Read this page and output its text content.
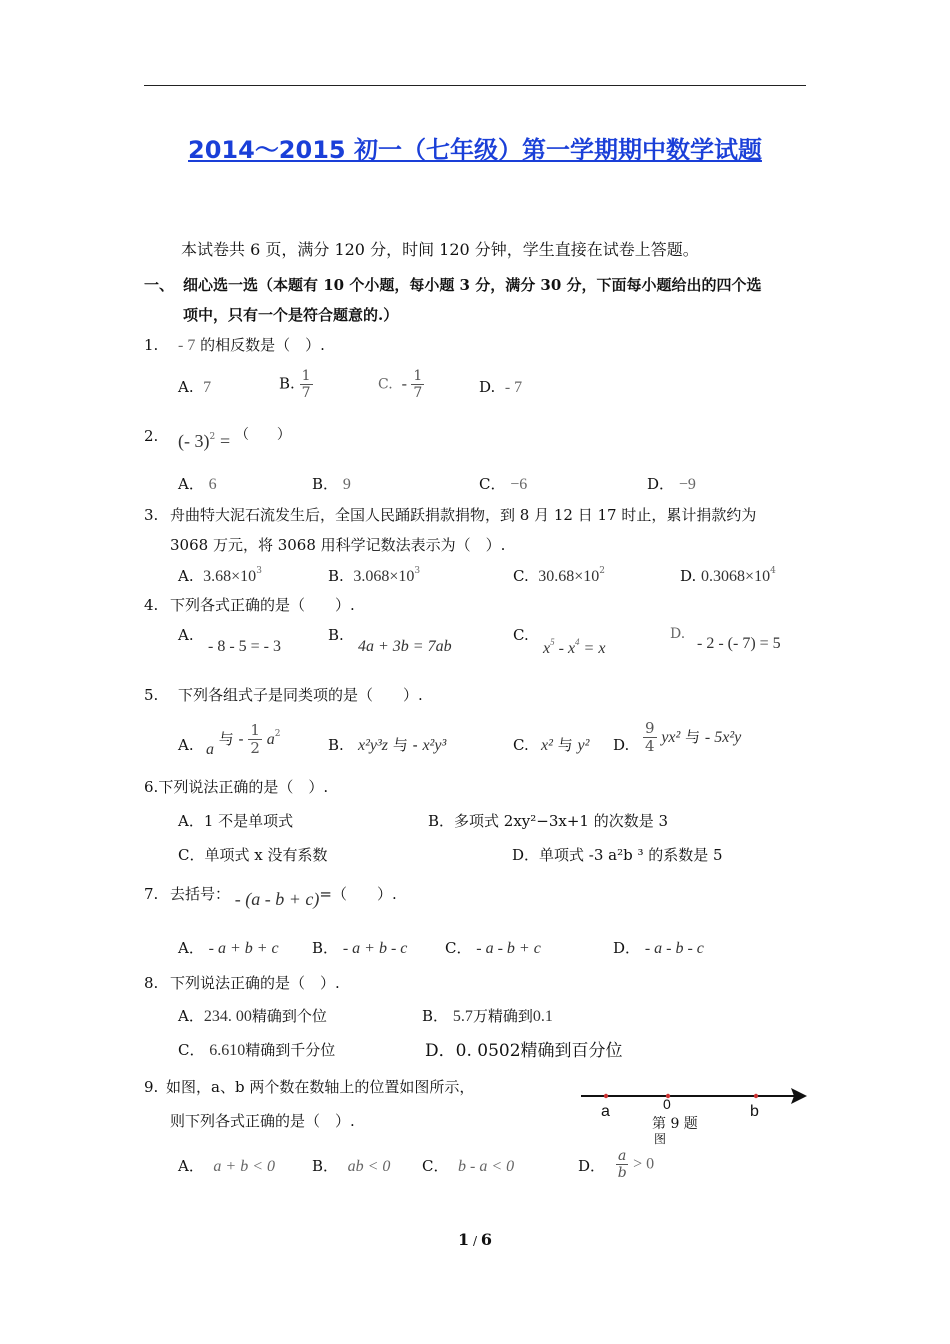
2014～2015 初一（七年级）第一学期期中数学试题
本试卷共 6 页，满分 120 分，时间 120 分钟，学生直接在试卷上答题。
一、 细心选一选（本题有 10 个小题，每小题 3 分，满分 30 分，下面每小题给出的四个选
项中，只有一个是符合题意的.）
1. - 7 的相反数是（　）.
A. 7	B. $\frac{1}{7}$	C. - $\frac{1}{7}$	D. - 7
2. (- 3)$^2$ = （　　）
A． 6	B． 9	C． −6	D． −9
3. 舟曲特大泥石流发生后，全国人民踊跃捐款捐物，到 8 月 12 日 17 时止，累计捐款约为
3068 万元，将 3068 用科学记数法表示为（　）.
A. $3.68\times 10^3$	B. $3.068\times 10^3$	C. $30.68\times 10^2$	D. $0.3068\times 10^4$
4. 下列各式正确的是（　　）.
A.
- 8 - 5 = - 3
B.
4a + 3b = 7ab
C.
$x^5 - x^4 = x$
D.
- 2 - (- 7) = 5
5. 下列各组式子是同类项的是（　　）.
A. a 与 - $\frac{1}{2} a^2$
B. x²y³z 与 - x²y³	C. x² 与 y² D. $\frac{9}{4} yx^2$ 与 - 5x²y
6.下列说法正确的是（　）.
A．1 不是单项式	B．多项式 2xy²−3x+1 的次数是 3
C．单项式 x 没有系数	D．单项式 -3 a²b ³ 的系数是 5
7. 去括号： - (a - b + c)=（　　）.
A． - a + b + c B． - a + b - c	C． - a - b + c	D． - a - b - c
8. 下列说法正确的是（　）.
A．234. 00精确到个位	B． 5.7万精确到0.1
C． 6.610精确到千分位	D．0. 0502精确到百分位
9. 如图，a、b 两个数在数轴上的位置如图所示，
则下列各式正确的是（　）.
a	0	b
第 9 题
图
A． a + b < 0 B． ab < 0 C． b - a < 0	D． $\frac{a}{b} > 0$
1 / 6
